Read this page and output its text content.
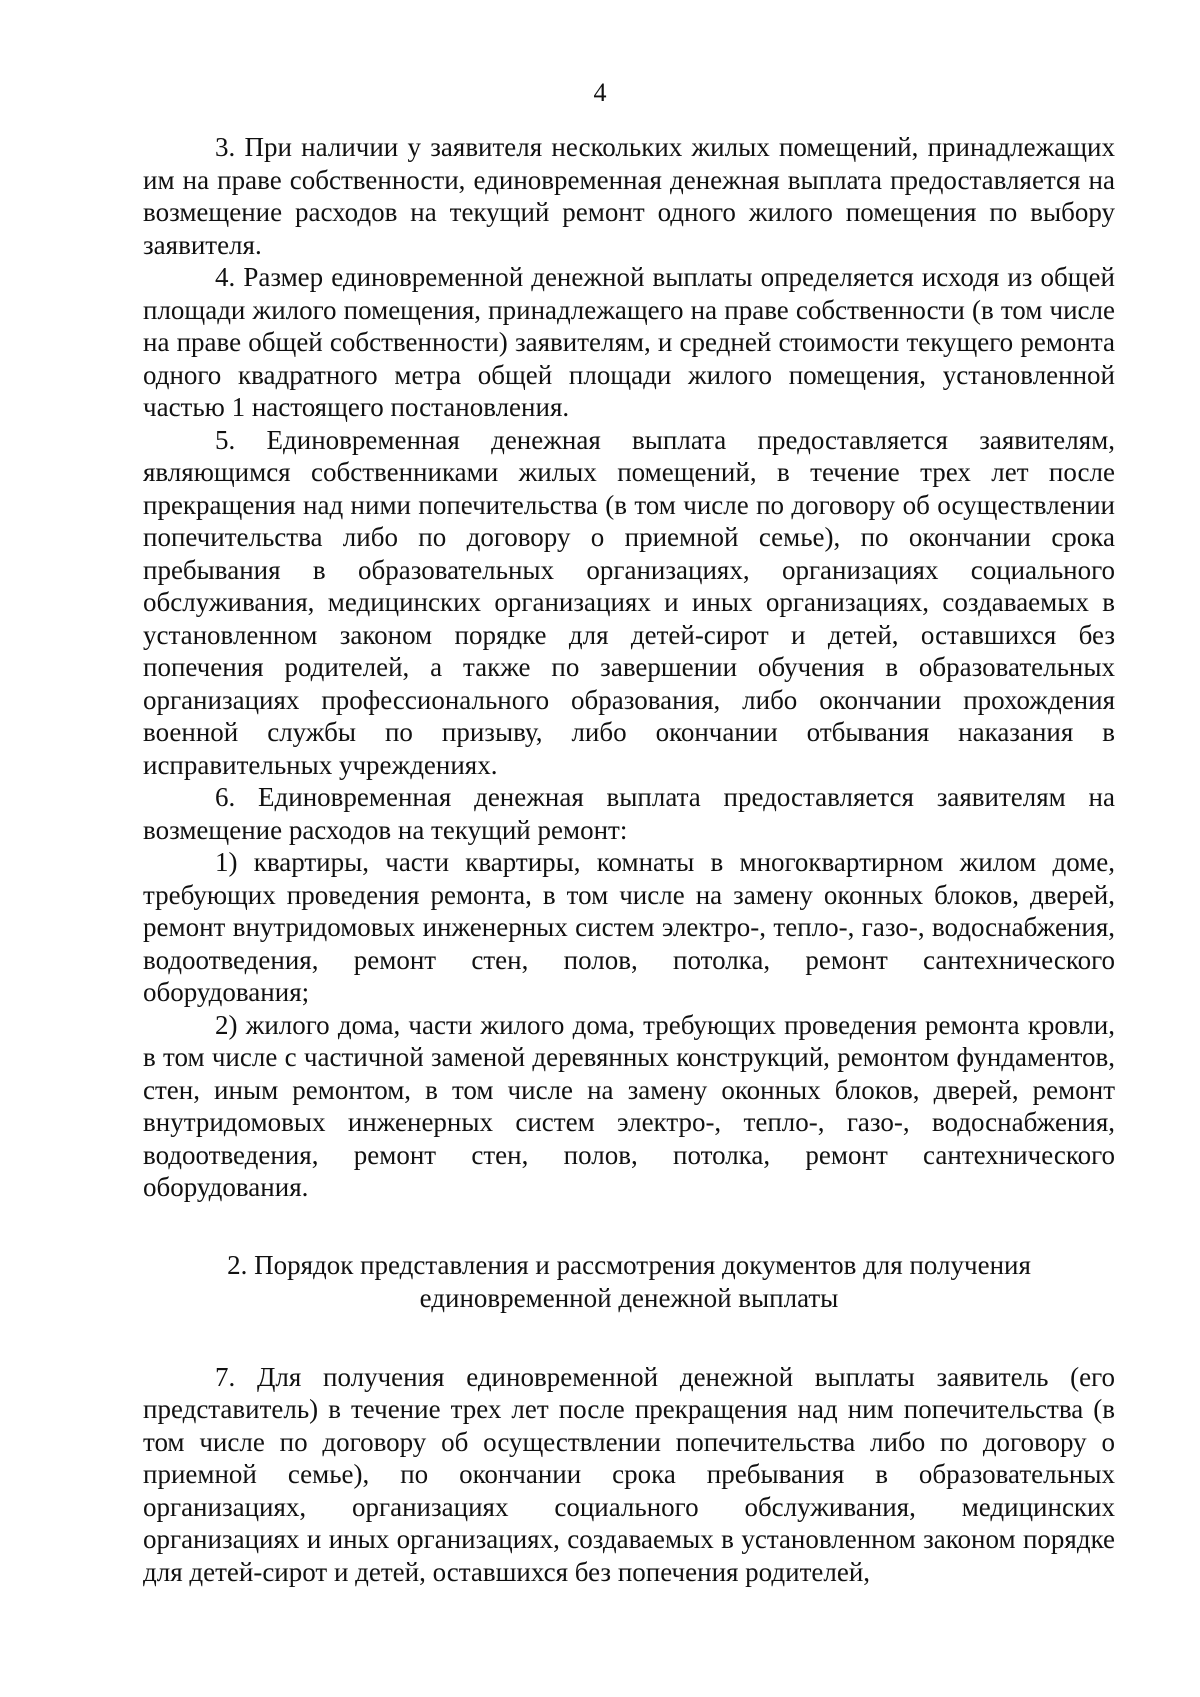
4

3. При наличии у заявителя нескольких жилых помещений, принадлежащих им на праве собственности, единовременная денежная выплата предоставляется на возмещение расходов на текущий ремонт одного жилого помещения по выбору заявителя.

4. Размер единовременной денежной выплаты определяется исходя из общей площади жилого помещения, принадлежащего на праве собственности (в том числе на праве общей собственности) заявителям, и средней стоимости текущего ремонта одного квадратного метра общей площади жилого помещения, установленной частью 1 настоящего постановления.

5. Единовременная денежная выплата предоставляется заявителям, являющимся собственниками жилых помещений, в течение трех лет после прекращения над ними попечительства (в том числе по договору об осуществлении попечительства либо по договору о приемной семье), по окончании срока пребывания в образовательных организациях, организациях социального обслуживания, медицинских организациях и иных организациях, создаваемых в установленном законом порядке для детей-сирот и детей, оставшихся без попечения родителей, а также по завершении обучения в образовательных организациях профессионального образования, либо окончании прохождения военной службы по призыву, либо окончании отбывания наказания в исправительных учреждениях.

6. Единовременная денежная выплата предоставляется заявителям на возмещение расходов на текущий ремонт:

1) квартиры, части квартиры, комнаты в многоквартирном жилом доме, требующих проведения ремонта, в том числе на замену оконных блоков, дверей, ремонт внутридомовых инженерных систем электро-, тепло-, газо-, водоснабжения, водоотведения, ремонт стен, полов, потолка, ремонт сантехнического оборудования;

2) жилого дома, части жилого дома, требующих проведения ремонта кровли, в том числе с частичной заменой деревянных конструкций, ремонтом фундаментов, стен, иным ремонтом, в том числе на замену оконных блоков, дверей, ремонт внутридомовых инженерных систем электро-, тепло-, газо-, водоснабжения, водоотведения, ремонт стен, полов, потолка, ремонт сантехнического оборудования.

2. Порядок представления и рассмотрения документов для получения
единовременной денежной выплаты

7. Для получения единовременной денежной выплаты заявитель (его представитель) в течение трех лет после прекращения над ним попечительства (в том числе по договору об осуществлении попечительства либо по договору о приемной семье), по окончании срока пребывания в образовательных организациях, организациях социального обслуживания, медицинских организациях и иных организациях, создаваемых в установленном законом порядке для детей-сирот и детей, оставшихся без попечения родителей,
